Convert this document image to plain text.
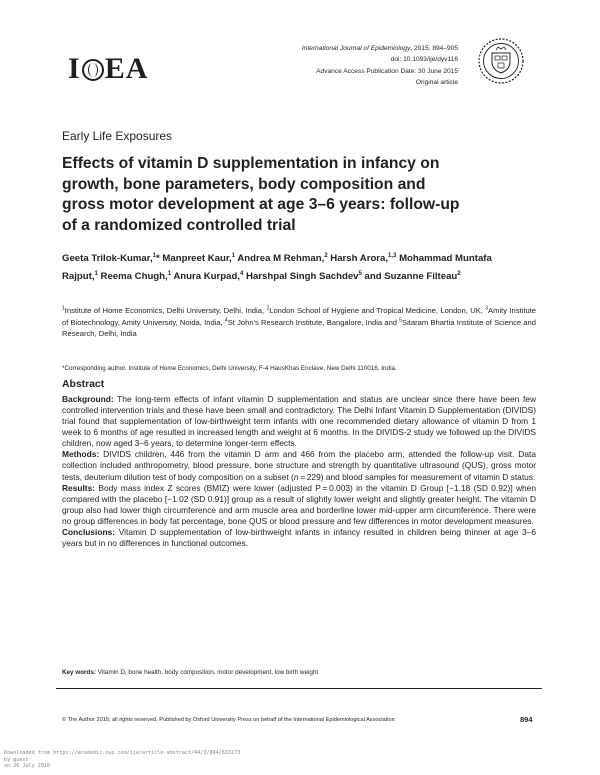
I EA
International Journal of Epidemiology, 2015, 894–905
doi: 10.1093/ije/dyv116
Advance Access Publication Date: 30 June 2015
Original article
Early Life Exposures
Effects of vitamin D supplementation in infancy on growth, bone parameters, body composition and gross motor development at age 3–6 years: follow-up of a randomized controlled trial
Geeta Trilok-Kumar,$^1$* Manpreet Kaur,$^1$ Andrea M Rehman,$^2$ Harsh Arora,$^{1,3}$ Mohammad Muntafa Rajput,$^1$ Reema Chugh,$^1$ Anura Kurpad,$^4$ Harshpal Singh Sachdev$^5$ and Suzanne Filteau$^2$
$^1$Institute of Home Economics, Delhi University, Delhi, India, $^2$London School of Hygiene and Tropical Medicine, London, UK, $^3$Amity Institute of Biotechnology, Amity University, Noida, India, $^4$St John's Research Institute, Bangalore, India and $^5$Sitaram Bhartia Institute of Science and Research, Delhi, India
*Corresponding author. Institute of Home Economics, Delhi University, F-4 HausKhas Enclave, New Delhi 110016, India.
Abstract

Background: The long-term effects of infant vitamin D supplementation and status are unclear since there have been few controlled intervention trials and these have been small and contradictory. The Delhi Infant Vitamin D Supplementation (DIVIDS) trial found that supplementation of low-birthweight term infants with one recommended dietary allowance of vitamin D from 1 week to 6 months of age resulted in increased length and weight at 6 months. In the DIVIDS-2 study we followed up the DIVIDS children, now aged 3–6 years, to determine longer-term effects.

Methods: DIVIDS children, 446 from the vitamin D arm and 466 from the placebo arm, attended the follow-up visit. Data collection included anthropometry, blood pressure, bone structure and strength by quantitative ultrasound (QUS), gross motor tests, deuterium dilution test of body composition on a subset (n = 229) and blood samples for measurement of vitamin D status.

Results: Body mass index Z scores (BMIZ) were lower (adjusted P = 0.003) in the vitamin D Group [−1.18 (SD 0.92)] when compared with the placebo [−1.02 (SD 0.91)] group as a result of slightly lower weight and slightly greater height. The vitamin D group also had lower thigh circumference and arm muscle area and borderline lower mid-upper arm circumference. There were no group differences in body fat percentage, bone QUS or blood pressure and few differences in motor development measures.

Conclusions: Vitamin D supplementation of low-birthweight infants in infancy resulted in children being thinner at age 3–6 years but in no differences in functional outcomes.

Key words: Vitamin D, bone health, body composition, motor development, low birth weight
© The Author 2015; all rights reserved. Published by Oxford University Press on behalf of the International Epidemiological Association	894
Downloaded from https://academic.oup.com/ije/article-abstract/44/3/894/633173
by guest
on 26 July 2018
